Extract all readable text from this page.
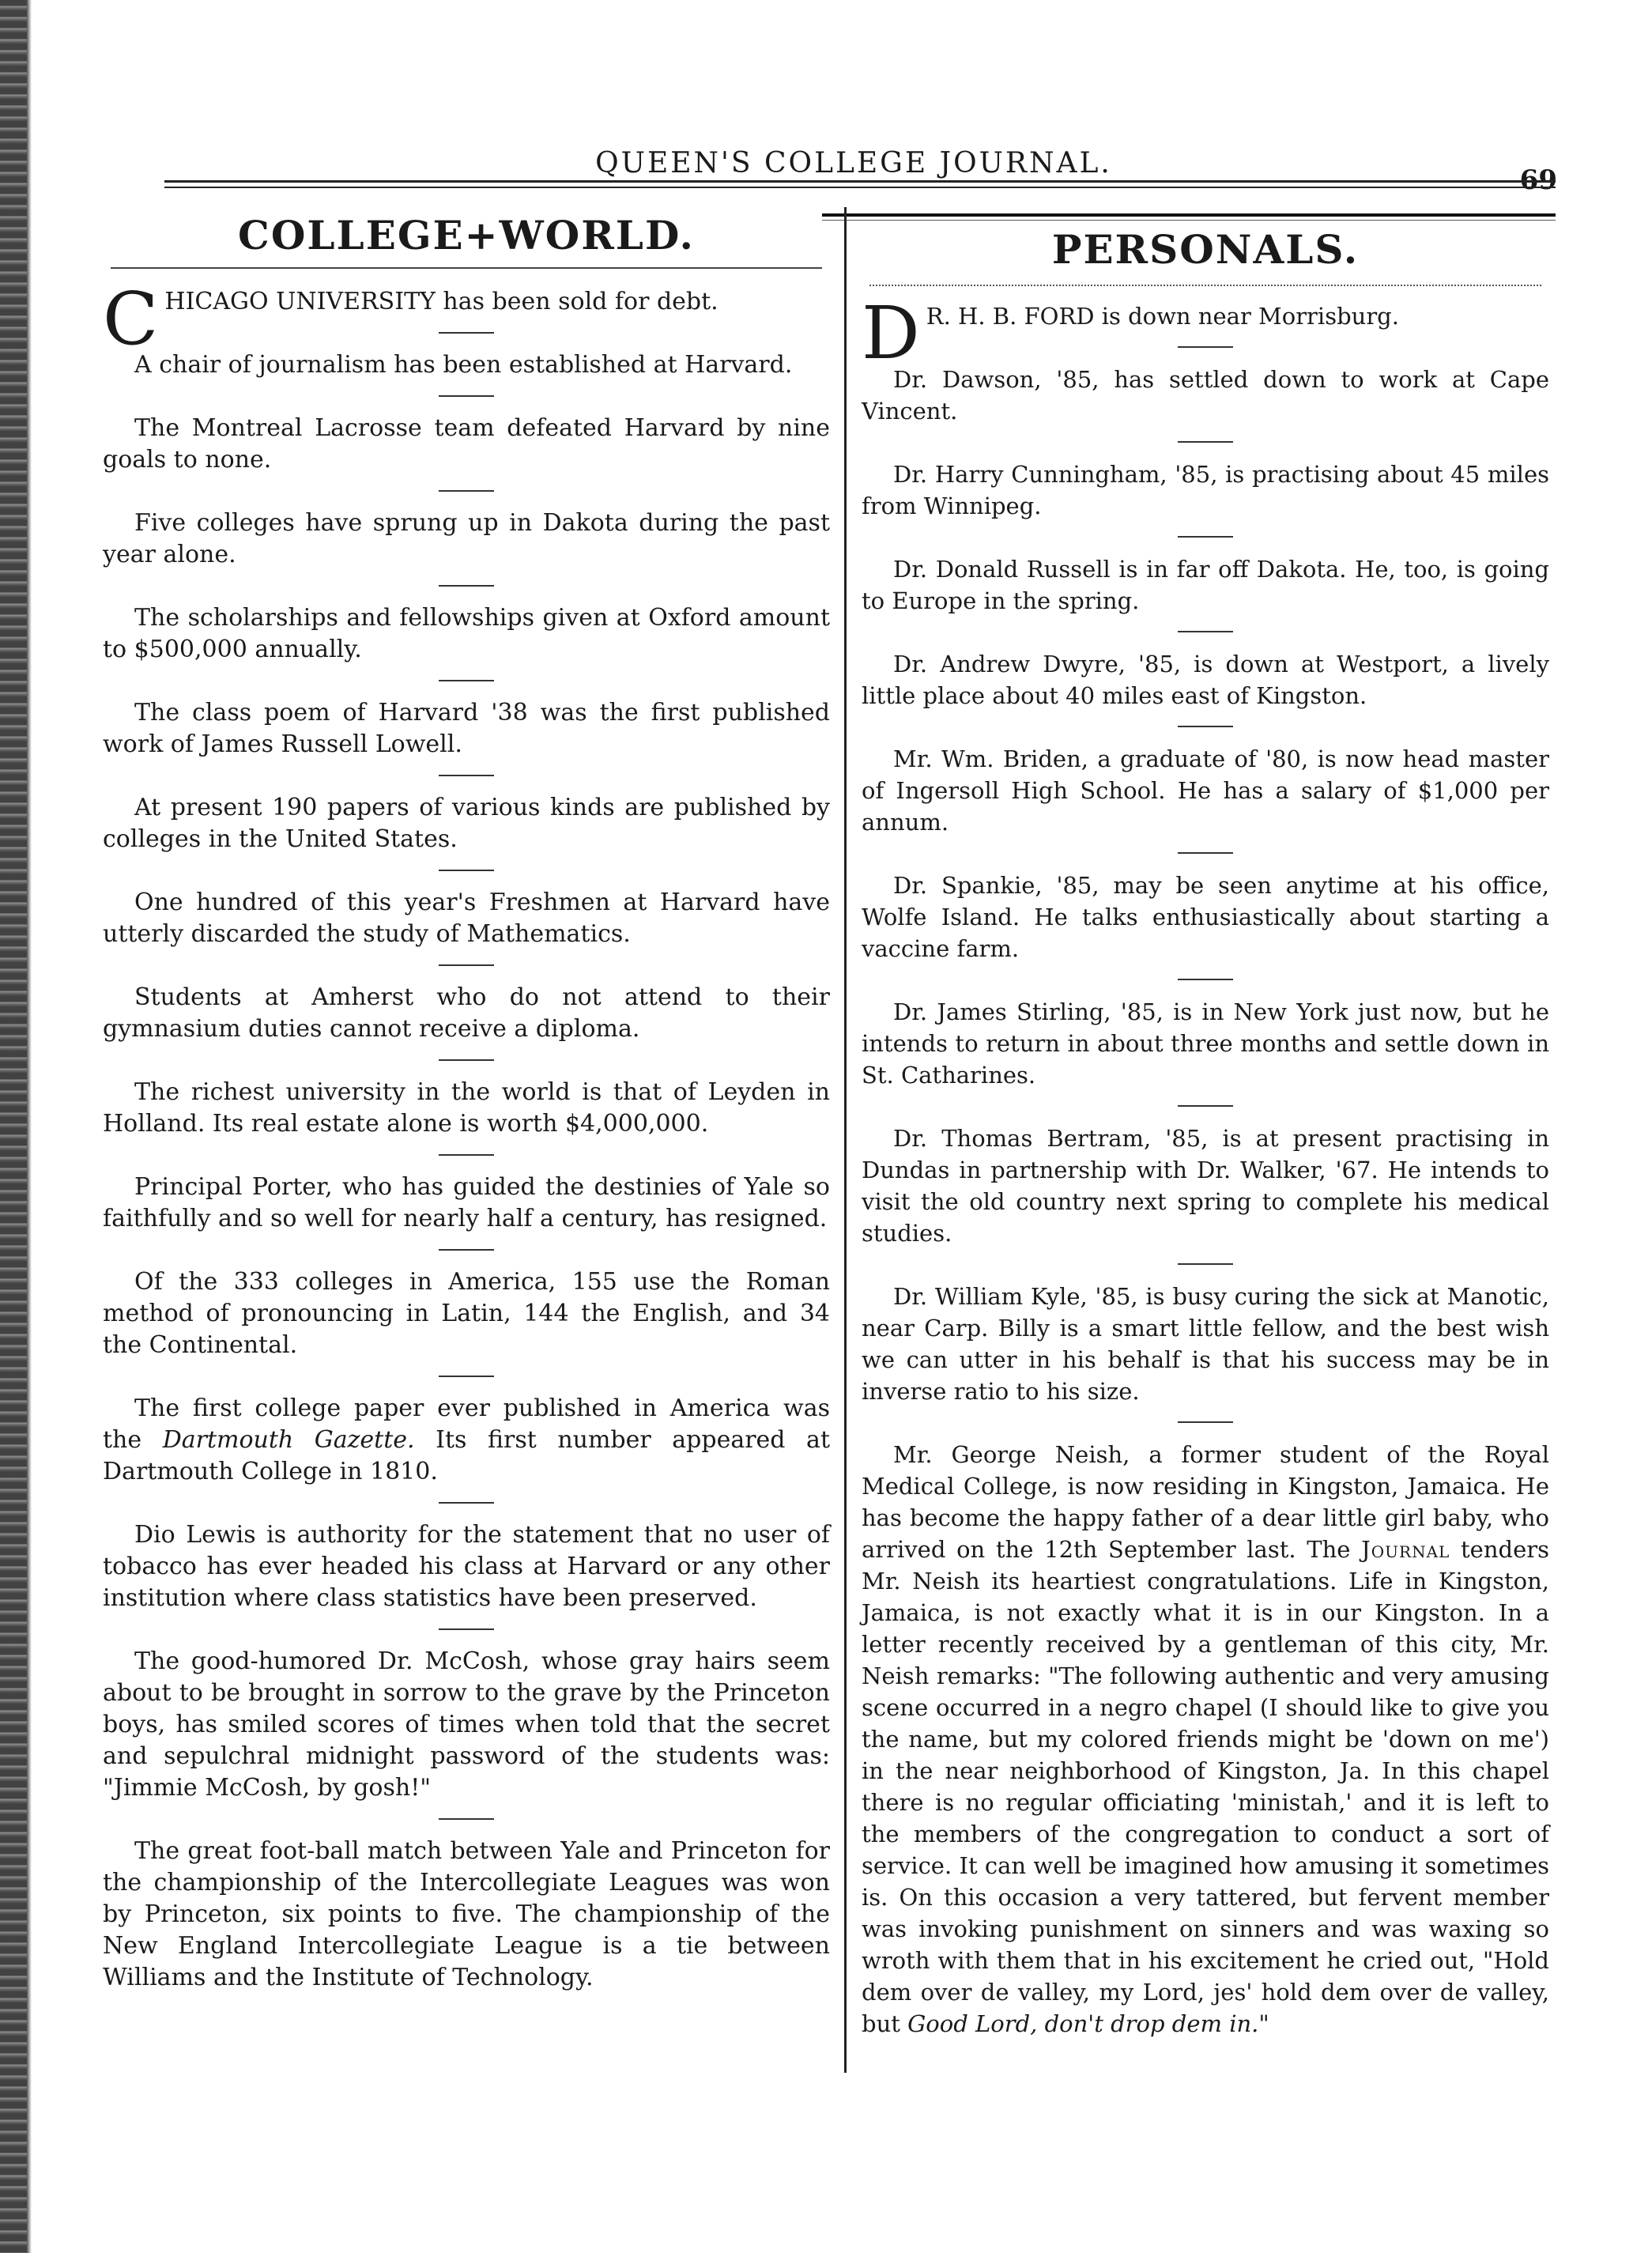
QUEEN'S COLLEGE JOURNAL.
69
COLLEGE+WORLD.

CHICAGO UNIVERSITY has been sold for debt.

A chair of journalism has been established at Harvard.

The Montreal Lacrosse team defeated Harvard by nine goals to none.

Five colleges have sprung up in Dakota during the past year alone.

The scholarships and fellowships given at Oxford amount to $500,000 annually.

The class poem of Harvard '38 was the first published work of James Russell Lowell.

At present 190 papers of various kinds are published by colleges in the United States.

One hundred of this year's Freshmen at Harvard have utterly discarded the study of Mathematics.

Students at Amherst who do not attend to their gymnasium duties cannot receive a diploma.

The richest university in the world is that of Leyden in Holland. Its real estate alone is worth $4,000,000.

Principal Porter, who has guided the destinies of Yale so faithfully and so well for nearly half a century, has resigned.

Of the 333 colleges in America, 155 use the Roman method of pronouncing in Latin, 144 the English, and 34 the Continental.

The first college paper ever published in America was the Dartmouth Gazette. Its first number appeared at Dartmouth College in 1810.

Dio Lewis is authority for the statement that no user of tobacco has ever headed his class at Harvard or any other institution where class statistics have been preserved.

The good-humored Dr. McCosh, whose gray hairs seem about to be brought in sorrow to the grave by the Princeton boys, has smiled scores of times when told that the secret and sepulchral midnight password of the students was: "Jimmie McCosh, by gosh!"

The great foot-ball match between Yale and Princeton for the championship of the Intercollegiate Leagues was won by Princeton, six points to five. The championship of the New England Intercollegiate League is a tie between Williams and the Institute of Technology.

PERSONALS.

D R. H. B. FORD is down near Morrisburg.

Dr. Dawson, '85, has settled down to work at Cape Vincent.

Dr. Harry Cunningham, '85, is practising about 45 miles from Winnipeg.

Dr. Donald Russell is in far off Dakota. He, too, is going to Europe in the spring.

Dr. Andrew Dwyre, '85, is down at Westport, a lively little place about 40 miles east of Kingston.

Mr. Wm. Briden, a graduate of '80, is now head master of Ingersoll High School. He has a salary of $1,000 per annum.

Dr. Spankie, '85, may be seen anytime at his office, Wolfe Island. He talks enthusiastically about starting a vaccine farm.

Dr. James Stirling, '85, is in New York just now, but he intends to return in about three months and settle down in St. Catharines.

Dr. Thomas Bertram, '85, is at present practising in Dundas in partnership with Dr. Walker, '67. He intends to visit the old country next spring to complete his medical studies.

Dr. William Kyle, '85, is busy curing the sick at Manotic, near Carp. Billy is a smart little fellow, and the best wish we can utter in his behalf is that his success may be in inverse ratio to his size.

Mr. George Neish, a former student of the Royal Medical College, is now residing in Kingston, Jamaica. He has become the happy father of a dear little girl baby, who arrived on the 12th September last. The Journal tenders Mr. Neish its heartiest congratulations. Life in Kingston, Jamaica, is not exactly what it is in our Kingston. In a letter recently received by a gentleman of this city, Mr. Neish remarks: "The following authentic and very amusing scene occurred in a negro chapel (I should like to give you the name, but my colored friends might be 'down on me') in the near neighborhood of Kingston, Ja. In this chapel there is no regular officiating 'ministah,' and it is left to the members of the congregation to conduct a sort of service. It can well be imagined how amusing it sometimes is. On this occasion a very tattered, but fervent member was invoking punishment on sinners and was waxing so wroth with them that in his excitement he cried out, "Hold dem over de valley, my Lord, jes' hold dem over de valley, but Good Lord, don't drop dem in."
